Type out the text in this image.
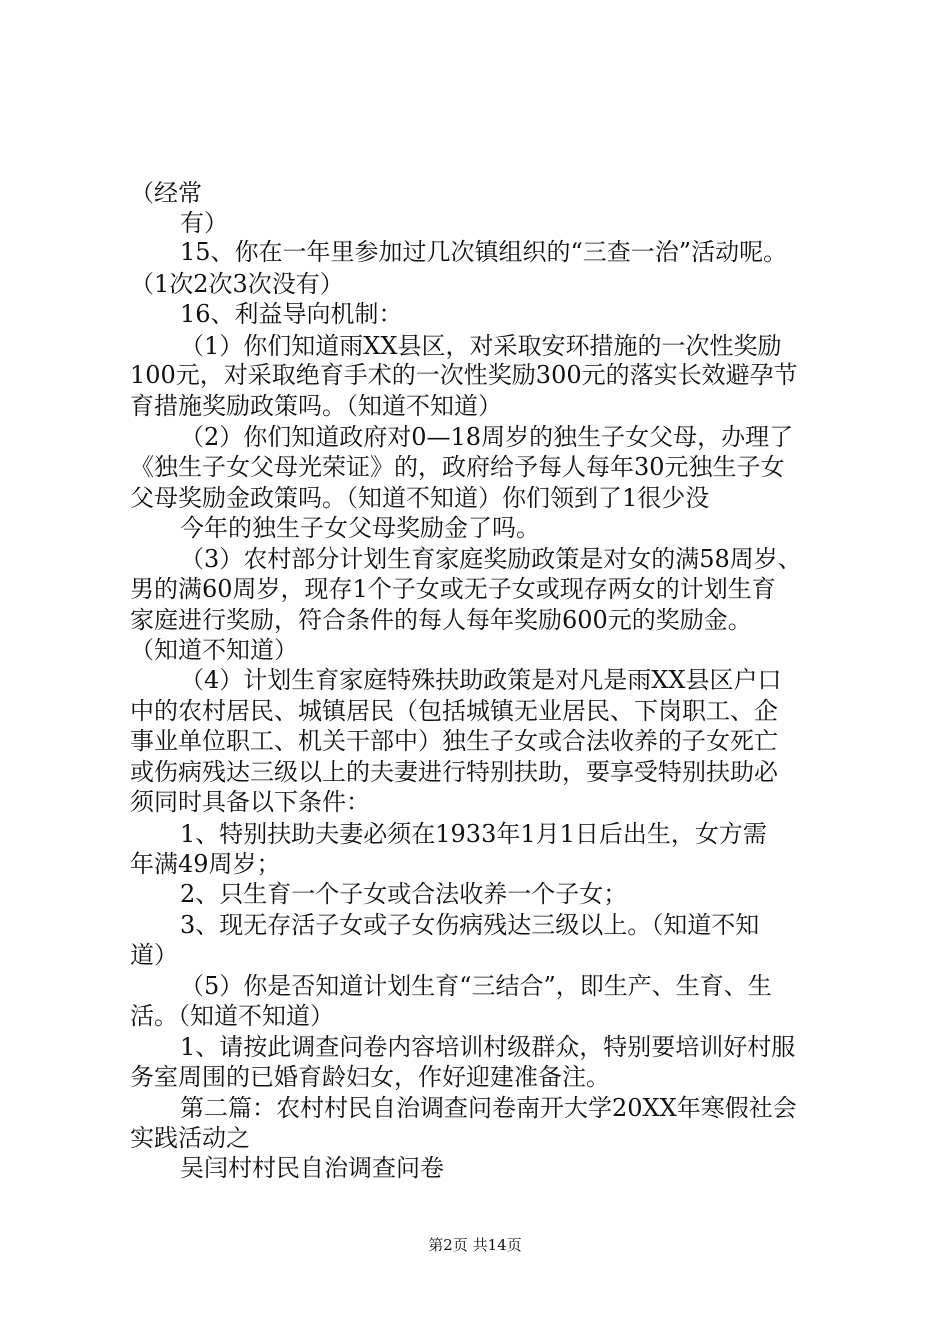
（经常
有）
15、你在一年里参加过几次镇组织的“三查一治”活动呢。
（1次2次3次没有）
16、利益导向机制：
（1）你们知道雨XX县区，对采取安环措施的一次性奖励
100元，对采取绝育手术的一次性奖励300元的落实长效避孕节
育措施奖励政策吗。（知道不知道）
（2）你们知道政府对0—18周岁的独生子女父母，办理了
《独生子女父母光荣证》的，政府给予每人每年30元独生子女
父母奖励金政策吗。（知道不知道）你们领到了1很少没
今年的独生子女父母奖励金了吗。
（3）农村部分计划生育家庭奖励政策是对女的满58周岁、
男的满60周岁，现存1个子女或无子女或现存两女的计划生育
家庭进行奖励，符合条件的每人每年奖励600元的奖励金。
（知道不知道）
（4）计划生育家庭特殊扶助政策是对凡是雨XX县区户口
中的农村居民、城镇居民（包括城镇无业居民、下岗职工、企
事业单位职工、机关干部中）独生子女或合法收养的子女死亡
或伤病残达三级以上的夫妻进行特别扶助，要享受特别扶助必
须同时具备以下条件：
1、特别扶助夫妻必须在1933年1月1日后出生，女方需
年满49周岁；
2、只生育一个子女或合法收养一个子女；
3、现无存活子女或子女伤病残达三级以上。（知道不知
道）
（5）你是否知道计划生育“三结合”，即生产、生育、生
活。（知道不知道）
1、请按此调查问卷内容培训村级群众，特别要培训好村服
务室周围的已婚育龄妇女，作好迎建准备注。
第二篇：农村村民自治调查问卷南开大学20XX年寒假社会
实践活动之
吴闫村村民自治调查问卷
第2页 共14页
